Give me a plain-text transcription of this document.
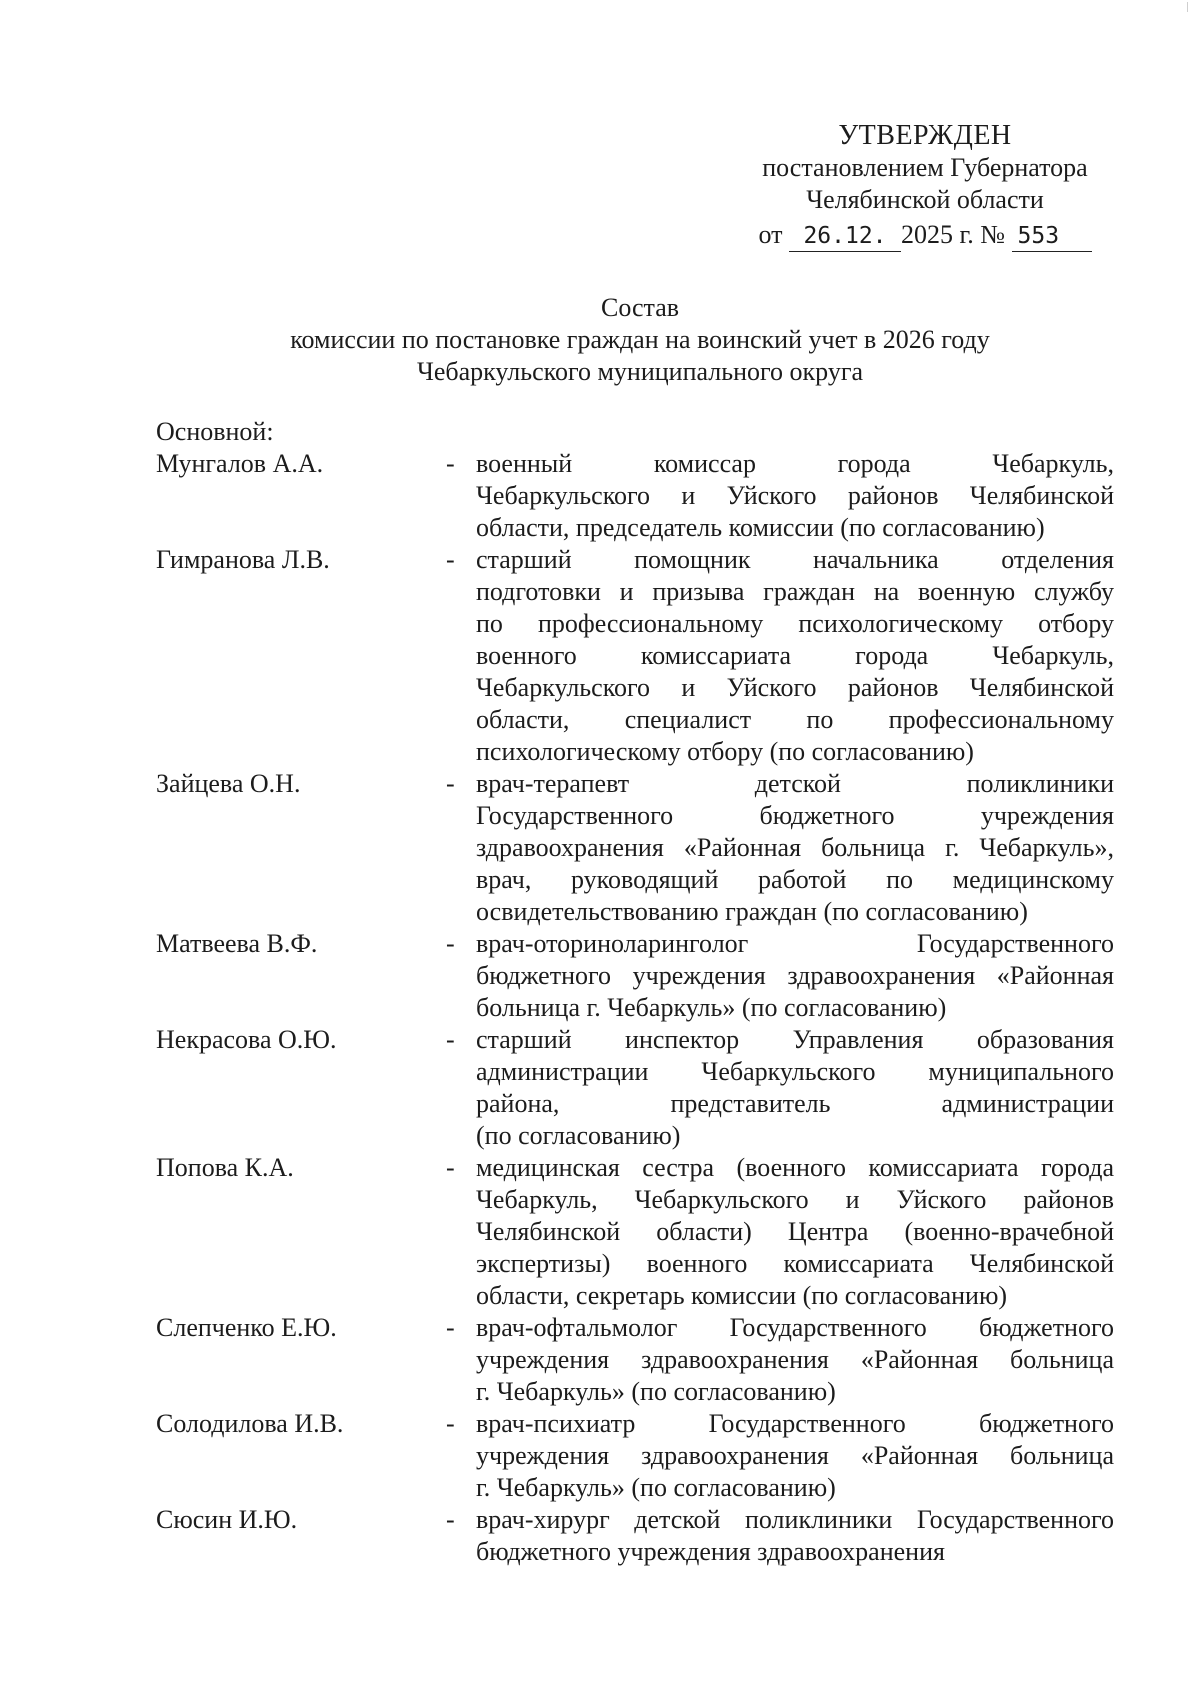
УТВЕРЖДЕН
постановлением Губернатора
Челябинской области
от 26.12. 2025 г. № 553
Состав
комиссии по постановке граждан на воинский учет в 2026 году
Чебаркульского муниципального округа
Основной:
Мунгалов А.А.	- военный комиссар города Чебаркуль,
Чебаркульского и Уйского районов Челябинской
области, председатель комиссии (по согласованию)
Гимранова Л.В.	- старший помощник начальника отделения
подготовки и призыва граждан на военную службу
по профессиональному психологическому отбору
военного комиссариата города Чебаркуль,
Чебаркульского и Уйского районов Челябинской
области, специалист по профессиональному
психологическому отбору (по согласованию)
Зайцева О.Н.	- врач-терапевт детской поликлиники
Государственного бюджетного учреждения
здравоохранения «Районная больница г. Чебаркуль»,
врач, руководящий работой по медицинскому
освидетельствованию граждан (по согласованию)
Матвеева В.Ф.	- врач-оториноларинголог Государственного
бюджетного учреждения здравоохранения «Районная
больница г. Чебаркуль» (по согласованию)
Некрасова О.Ю.	- старший инспектор Управления образования
администрации Чебаркульского муниципального
района, представитель администрации
(по согласованию)
Попова К.А.	- медицинская сестра (военного комиссариата города
Чебаркуль, Чебаркульского и Уйского районов
Челябинской области) Центра (военно-врачебной
экспертизы) военного комиссариата Челябинской
области, секретарь комиссии (по согласованию)
Слепченко Е.Ю.	- врач-офтальмолог Государственного бюджетного
учреждения здравоохранения «Районная больница
г. Чебаркуль» (по согласованию)
Солодилова И.В.	- врач-психиатр Государственного бюджетного
учреждения здравоохранения «Районная больница
г. Чебаркуль» (по согласованию)
Сюсин И.Ю.	- врач-хирург детской поликлиники Государственного
бюджетного учреждения здравоохранения
